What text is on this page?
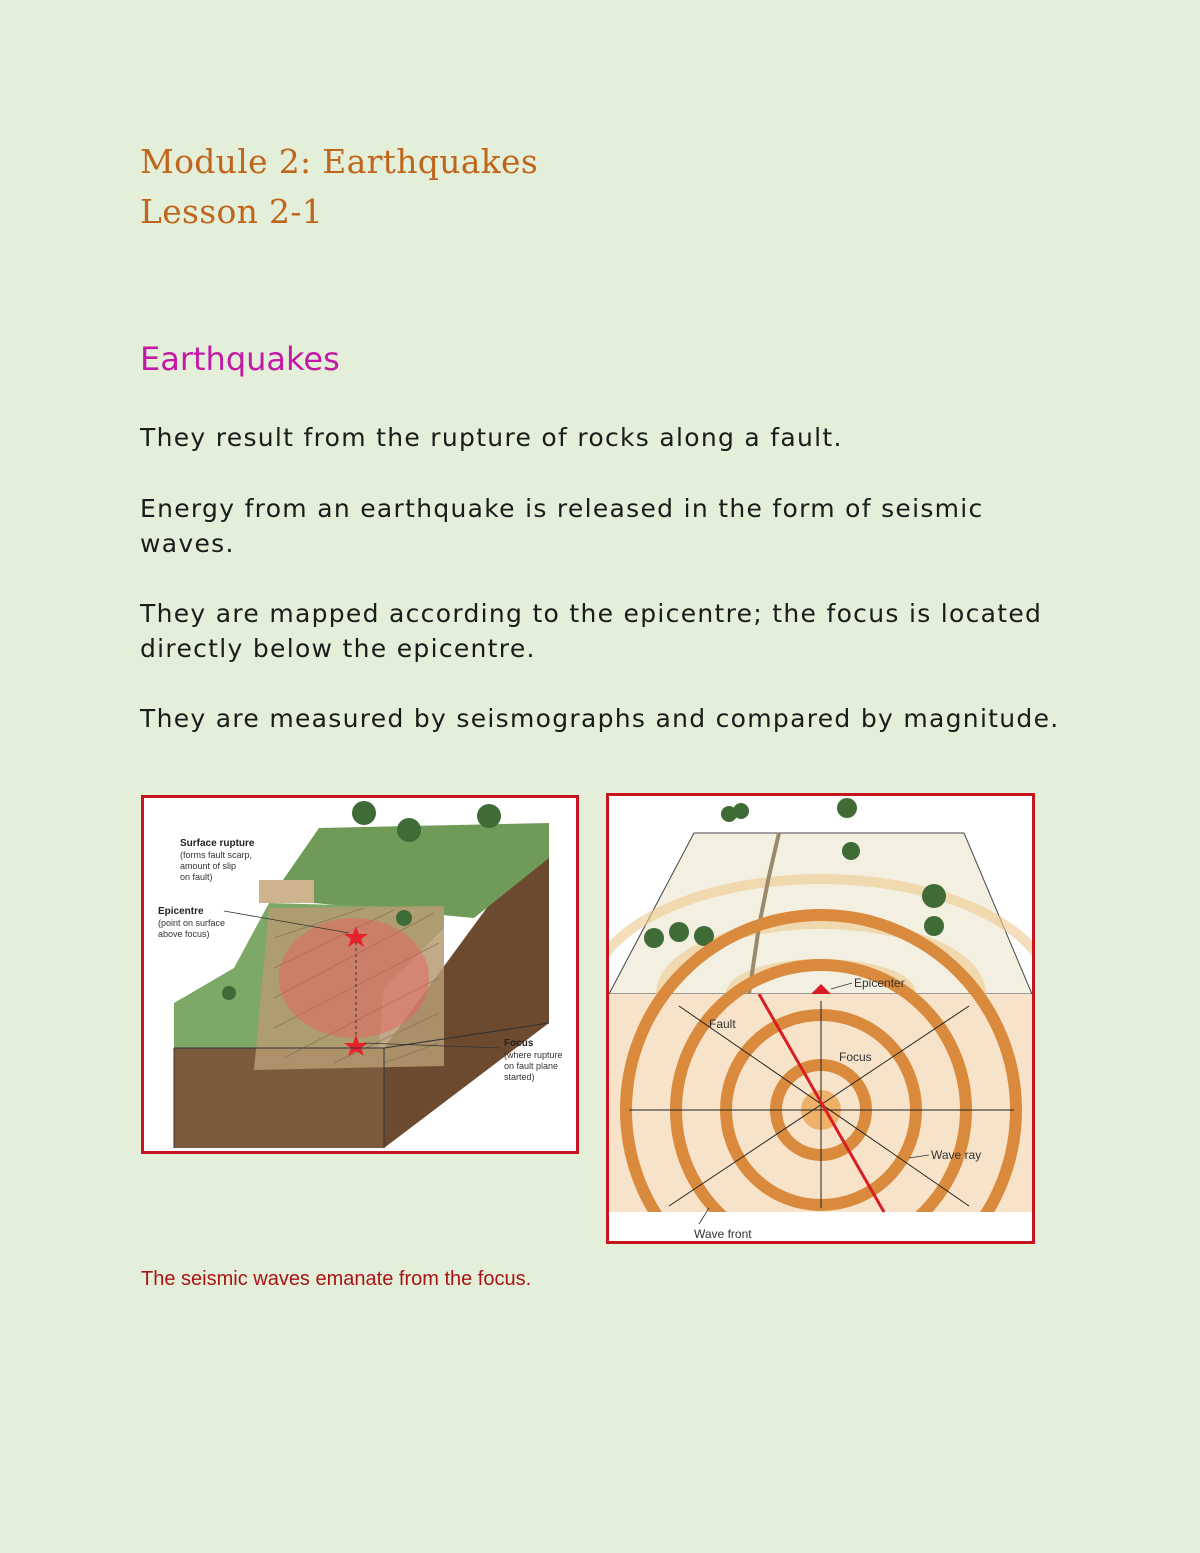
Module 2: Earthquakes
Lesson 2-1
Earthquakes

They result from the rupture of rocks along a fault.

Energy from an earthquake is released in the form of seismic waves.

They are mapped according to the epicentre; the focus is located directly below the epicentre.

They are measured by seismographs and compared by magnitude.

Surface rupture
(forms fault scarp,
amount of slip
on fault)
Epicentre
(point on surface
above focus)
Focus
(where rupture
on fault plane
started)
Epicenter
Fault
Focus
Wave ray
Wave front

The seismic waves emanate from the focus.
